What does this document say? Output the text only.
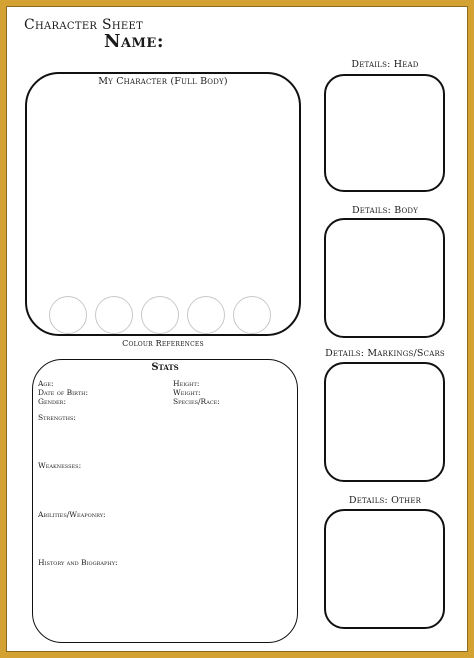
Character Sheet
Name:
My Character (Full Body)
Colour References
Stats
Age:
Date of Birth:
Gender:
Height:
Weight:
Species/Race:
Strengths:
Weaknesses:
Abilities/Weaponry:
History and Biography:
Details: Head
Details: Body
Details: Markings/Scars
Details: Other
